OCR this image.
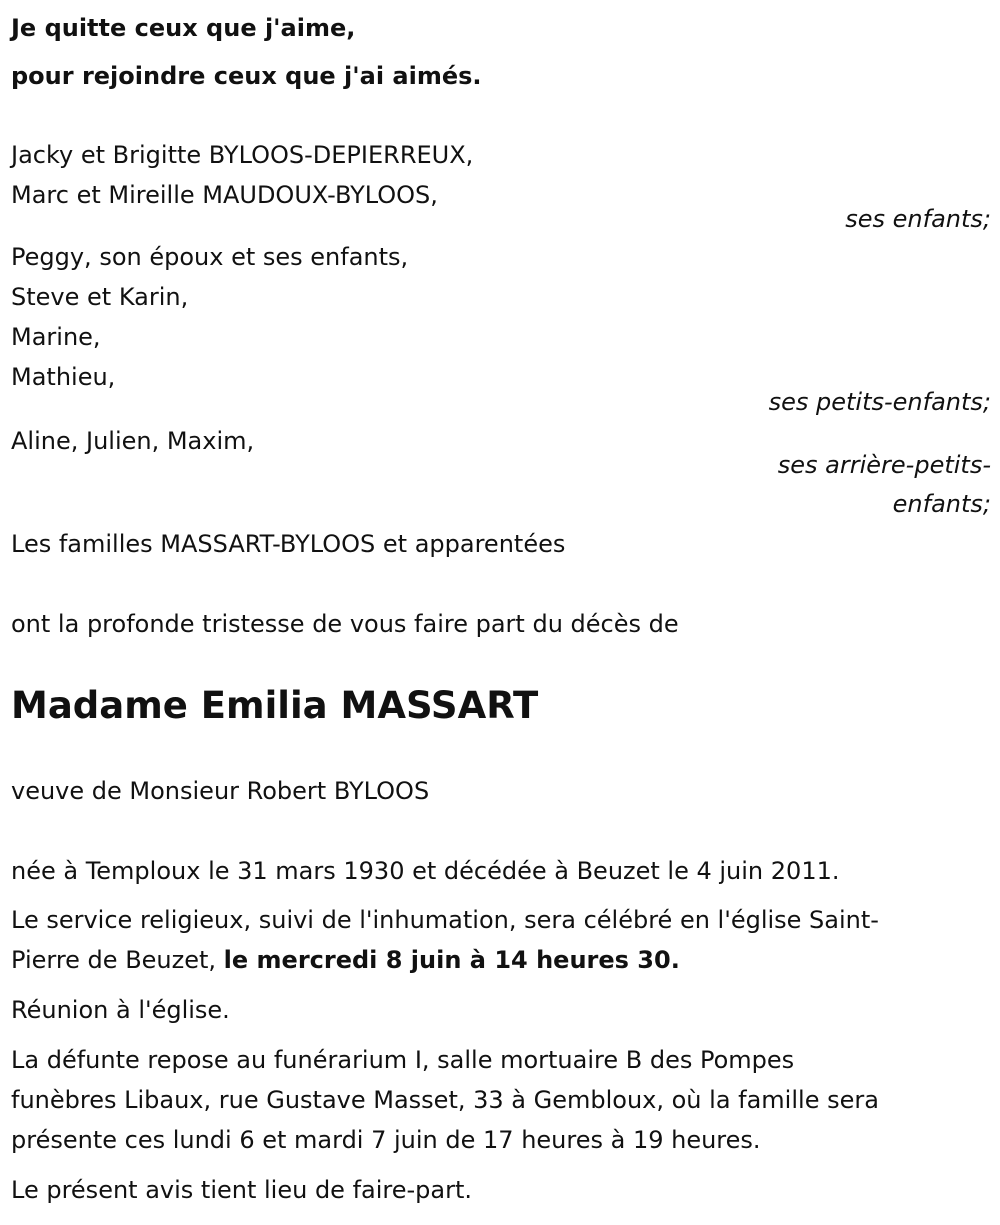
Je quitte ceux que j'aime,
pour rejoindre ceux que j'ai aimés.
Jacky et Brigitte BYLOOS-DEPIERREUX,
Marc et Mireille MAUDOUX-BYLOOS,
ses enfants;
Peggy, son époux et ses enfants,
Steve et Karin,
Marine,
Mathieu,
ses petits-enfants;
Aline, Julien, Maxim,
ses arrière-petits-
enfants;
Les familles MASSART-BYLOOS et apparentées
ont la profonde tristesse de vous faire part du décès de
Madame Emilia MASSART
veuve de Monsieur Robert BYLOOS
née à Temploux le 31 mars 1930 et décédée à Beuzet le 4 juin 2011.
Le service religieux, suivi de l'inhumation, sera célébré en l'église Saint-
Pierre de Beuzet, le mercredi 8 juin à 14 heures 30.
Réunion à l'église.
La défunte repose au funérarium I, salle mortuaire B des Pompes
funèbres Libaux, rue Gustave Masset, 33 à Gembloux, où la famille sera
présente ces lundi 6 et mardi 7 juin de 17 heures à 19 heures.
Le présent avis tient lieu de faire-part.
